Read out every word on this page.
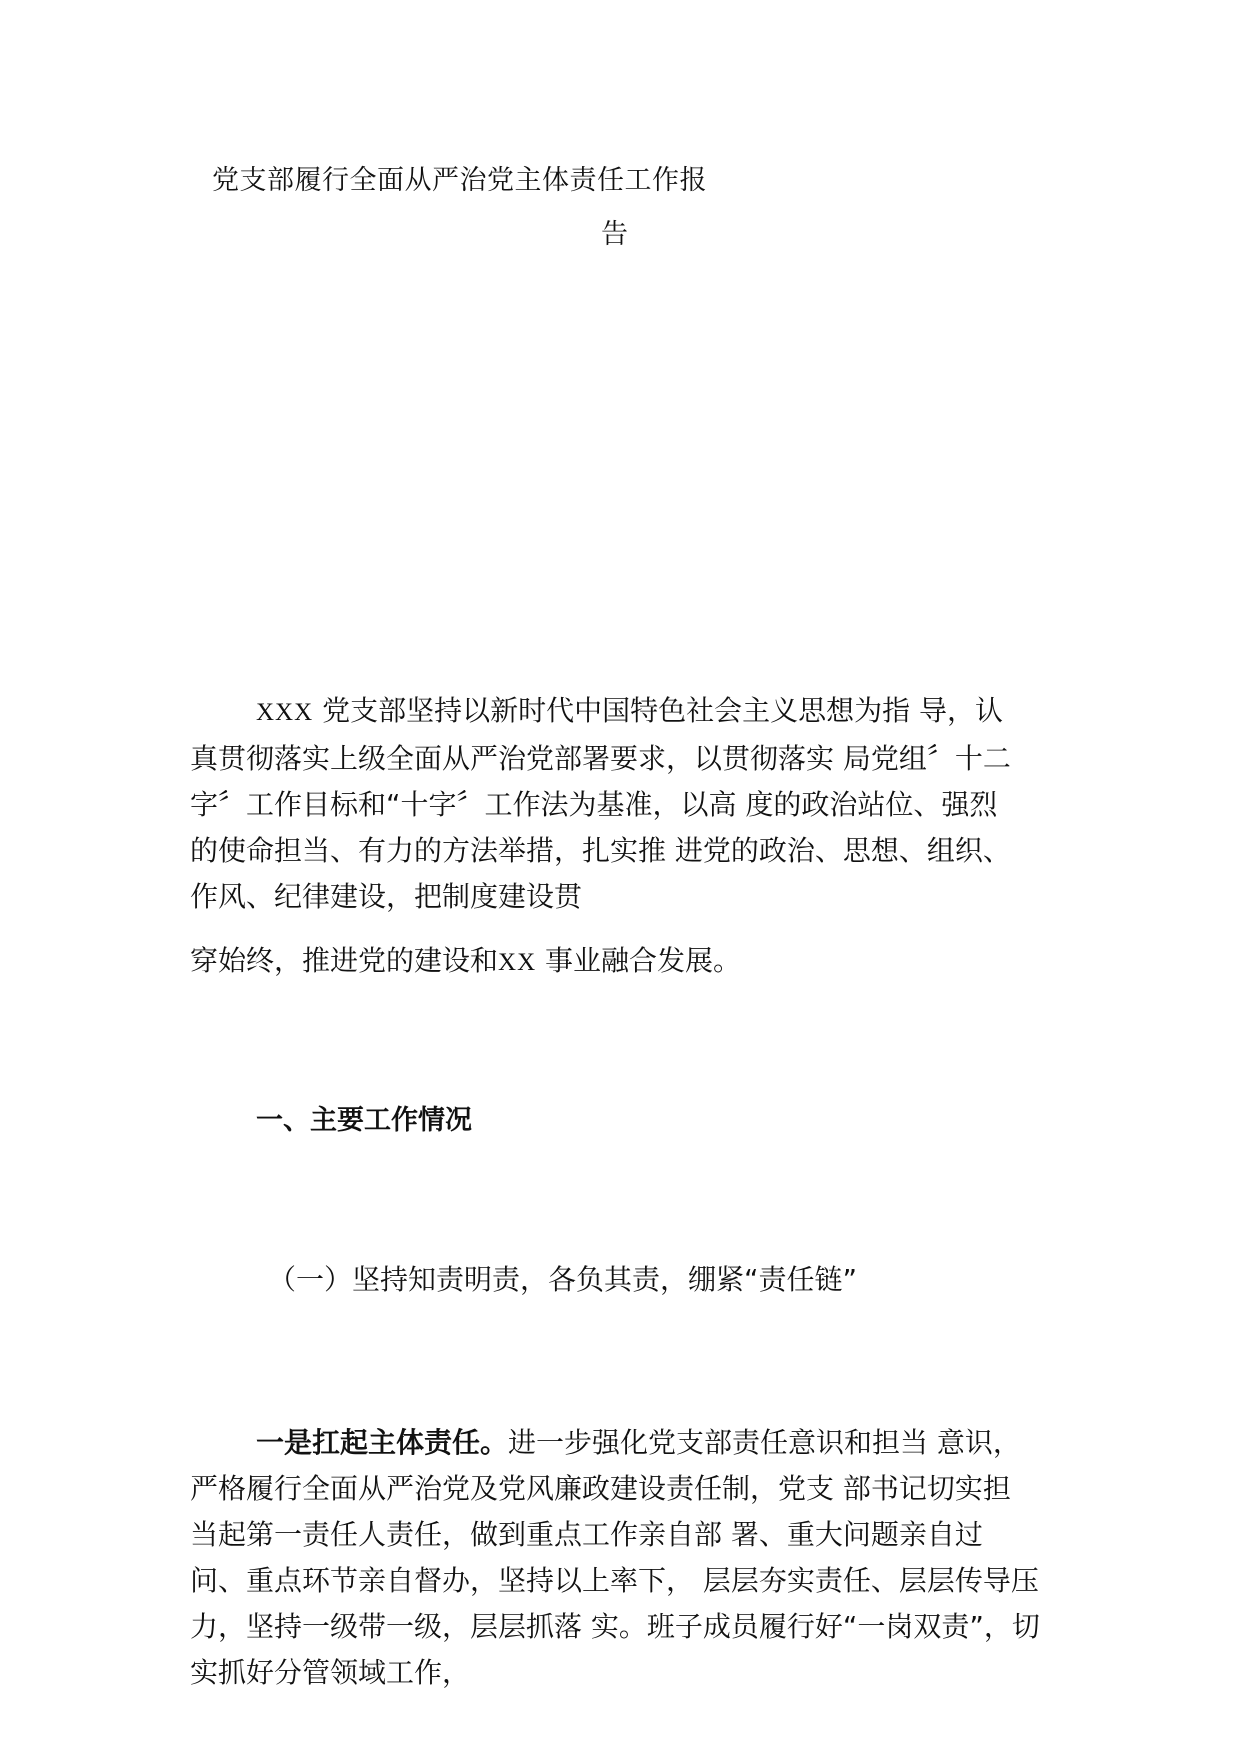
党支部履行全面从严治党主体责任工作报
告
XXX 党支部坚持以新时代中国特色社会主义思想为指 导，认
真贯彻落实上级全面从严治党部署要求，以贯彻落实 局党组〞十二
字〞工作目标和“十字〞工作法为基准，以高 度的政治站位、强烈
的使命担当、有力的方法举措，扎实推 进党的政治、思想、组织、
作风、纪律建设，把制度建设贯
穿始终，推进党的建设和XX 事业融合发展。
一、主要工作情况
（一）坚持知责明责，各负其责，绷紧“责任链”
一是扛起主体责任。进一步强化党支部责任意识和担当 意识，
严格履行全面从严治党及党风廉政建设责任制，党支 部书记切实担
当起第一责任人责任，做到重点工作亲自部 署、重大问题亲自过
问、重点环节亲自督办，坚持以上率下， 层层夯实责任、层层传导压
力，坚持一级带一级，层层抓落 实。班子成员履行好“一岗双责”，切
实抓好分管领域工作，
